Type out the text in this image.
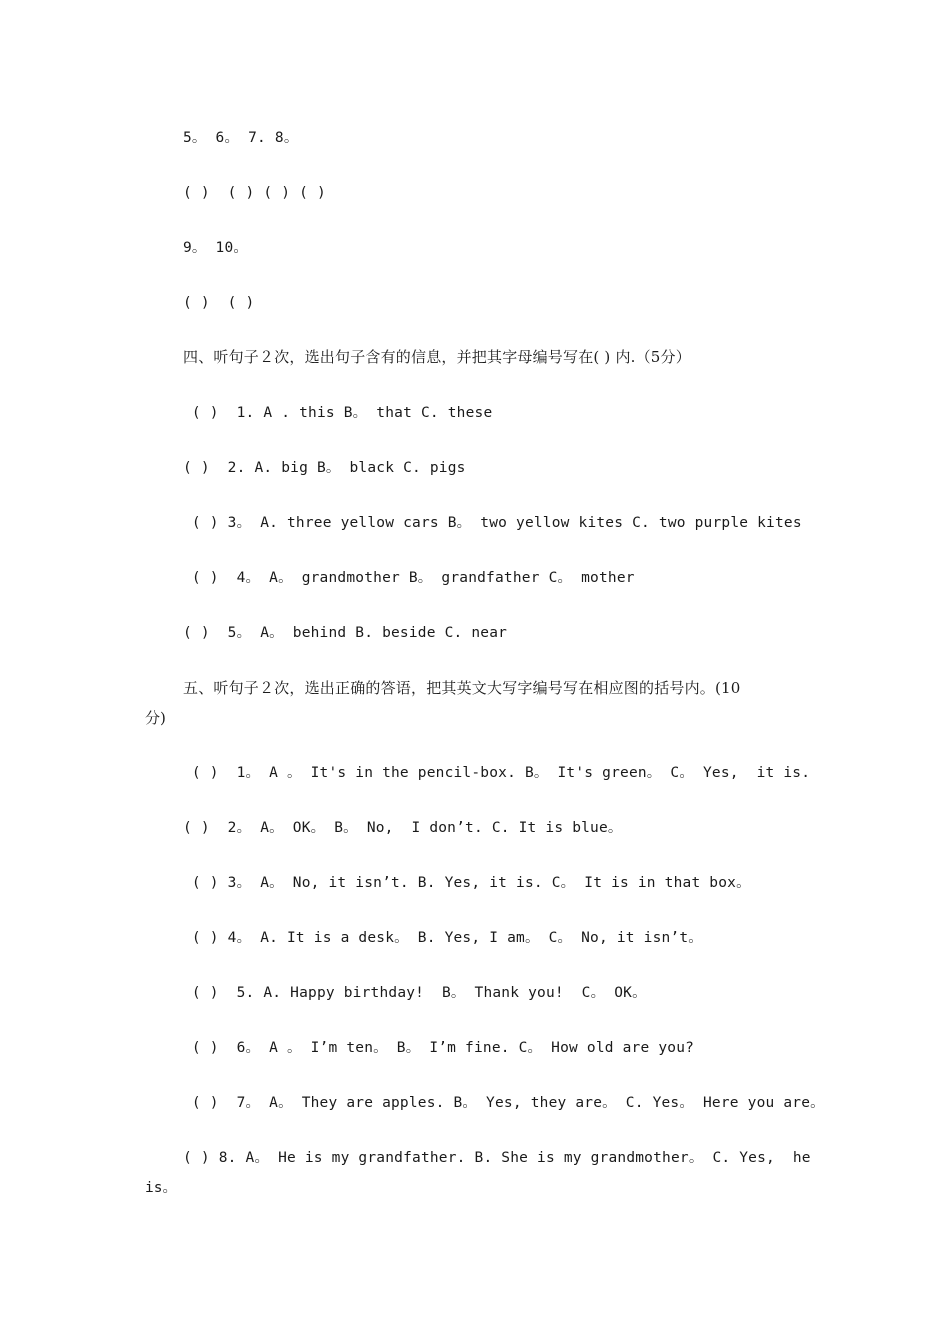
5。 6。 7. 8。
( )  ( ) ( ) ( )
9。 10。
( )  ( )
四、听句子２次，选出句子含有的信息，并把其字母编号写在( ) 内.（5分）
( )  1. A . this B。 that C. these
( )  2. A. big B。 black C. pigs
( ) 3。 A. three yellow cars B。 two yellow kites C. two purple kites
( )  4。 A。 grandmother B。 grandfather C。 mother
( )  5。 A。 behind B. beside C. near
五、听句子２次，选出正确的答语，把其英文大写字编号写在相应图的括号内。(10
分)
( )  1。 A 。 It's in the pencil-box. B。 It's green。 C。 Yes,  it is.
( )  2。 A。 OK。 B。 No,  I don’t. C. It is blue。
( ) 3。 A。 No, it isn’t. B. Yes, it is. C。 It is in that box。
( ) 4。 A. It is a desk。 B. Yes, I am。 C。 No, it isn’t。
( )  5. A. Happy birthday!  B。 Thank you!  C。 OK。
( )  6。 A 。 I’m ten。 B。 I’m fine. C。 How old are you?
( )  7。 A。 They are apples. B。 Yes, they are。 C. Yes。 Here you are。
( ) 8. A。 He is my grandfather. B. She is my grandmother。 C. Yes,  he
is。
